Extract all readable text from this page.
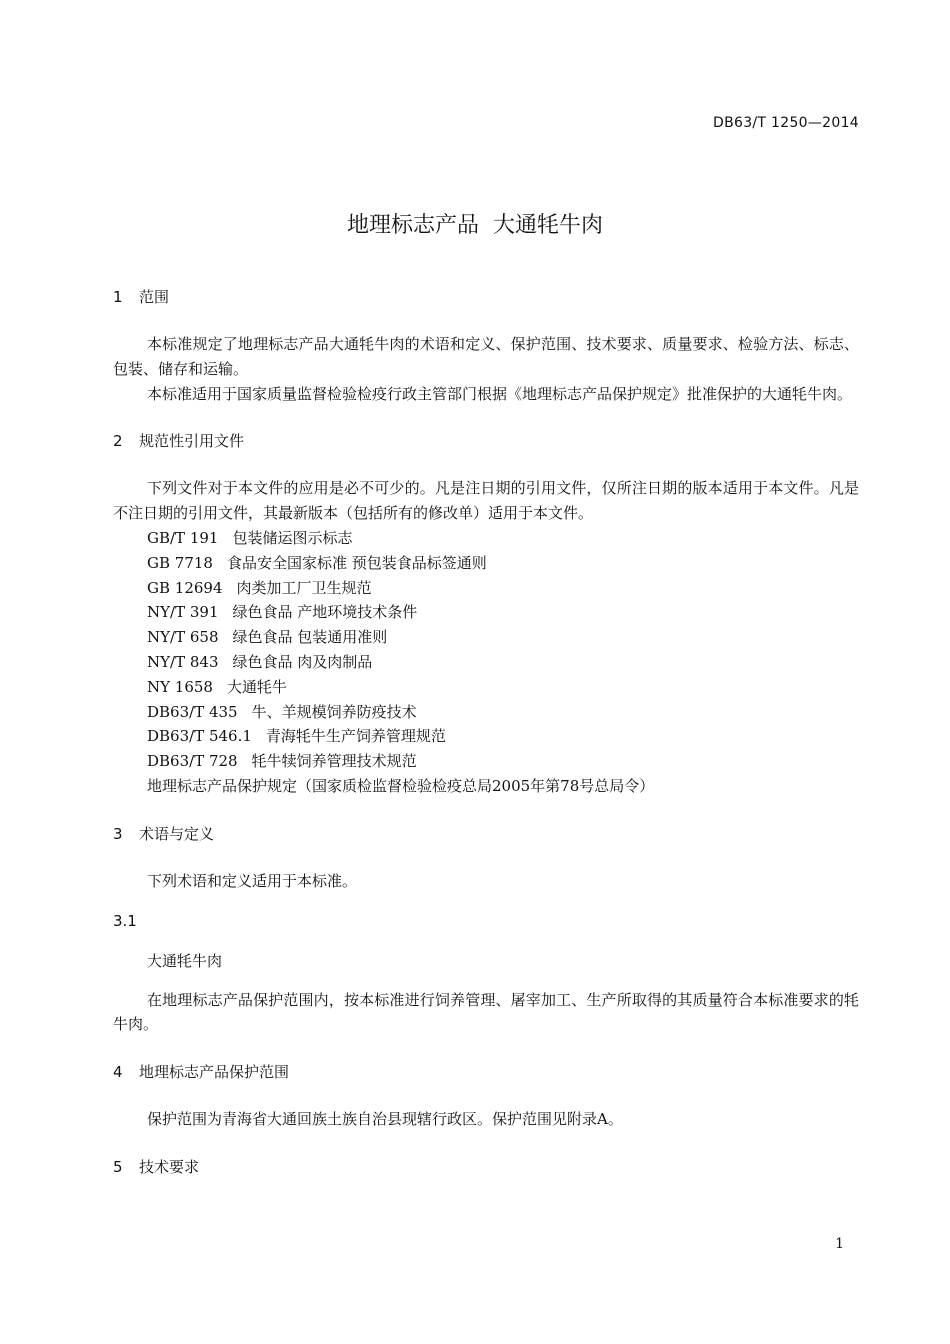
DB63/T 1250—2014
地理标志产品  大通牦牛肉
1 范围

本标准规定了地理标志产品大通牦牛肉的术语和定义、保护范围、技术要求、质量要求、检验方法、标志、包装、储存和运输。

本标准适用于国家质量监督检验检疫行政主管部门根据《地理标志产品保护规定》批准保护的大通牦牛肉。

2 规范性引用文件

下列文件对于本文件的应用是必不可少的。凡是注日期的引用文件，仅所注日期的版本适用于本文件。凡是不注日期的引用文件，其最新版本（包括所有的修改单）适用于本文件。

GB/T 191 包装储运图示标志
GB 7718 食品安全国家标准 预包装食品标签通则
GB 12694 肉类加工厂卫生规范
NY/T 391 绿色食品 产地环境技术条件
NY/T 658 绿色食品 包装通用准则
NY/T 843 绿色食品 肉及肉制品
NY 1658 大通牦牛
DB63/T 435 牛、羊规模饲养防疫技术
DB63/T 546.1 青海牦牛生产饲养管理规范
DB63/T 728 牦牛犊饲养管理技术规范
地理标志产品保护规定（国家质检监督检验检疫总局2005年第78号总局令）
3 术语与定义

下列术语和定义适用于本标准。

3.1
大通牦牛肉

在地理标志产品保护范围内，按本标准进行饲养管理、屠宰加工、生产所取得的其质量符合本标准要求的牦牛肉。

4 地理标志产品保护范围

保护范围为青海省大通回族土族自治县现辖行政区。保护范围见附录A。

5 技术要求
1
